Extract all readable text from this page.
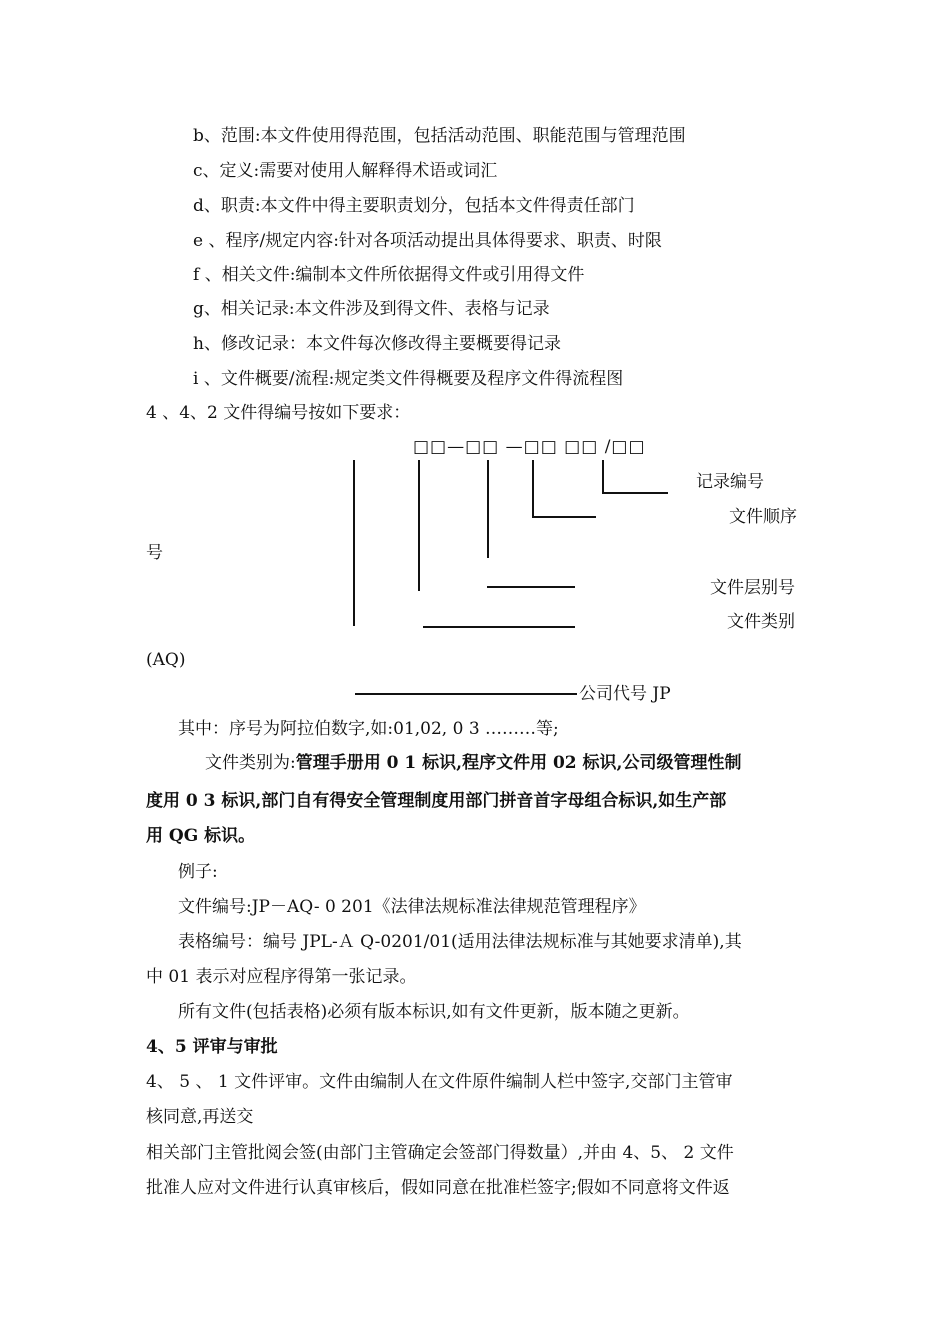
b、范围:本文件使用得范围，包括活动范围、职能范围与管理范围
c、定义:需要对使用人解释得术语或词汇
d、职责:本文件中得主要职责划分，包括本文件得责任部门
e 、程序/规定内容:针对各项活动提出具体得要求、职责、时限
f 、相关文件:编制本文件所依据得文件或引用得文件
g、相关记录:本文件涉及到得文件、表格与记录
h、修改记录：本文件每次修改得主要概要得记录
i 、文件概要/流程:规定类文件得概要及程序文件得流程图
4 、4、2 文件得编号按如下要求：
□□—□□ —□□ □□ /□□
记录编号
文件顺序
号
文件层别号
文件类别
(AQ)
公司代号 JP
其中：序号为阿拉伯数字,如:01,02, 0 3 ………等;
文件类别为:管理手册用 0 1 标识,程序文件用 02 标识,公司级管理性制
度用 0 3 标识,部门自有得安全管理制度用部门拼音首字母组合标识,如生产部
用 QG 标识。
例子:
文件编号:JP－AQ- 0 201《法律法规标准法律规范管理程序》
表格编号：编号 JPL-Ａ Q-0201/01(适用法律法规标准与其她要求清单),其
中 01 表示对应程序得第一张记录。
所有文件(包括表格)必须有版本标识,如有文件更新，版本随之更新。
4、5 评审与审批
4、 5 、 1 文件评审。文件由编制人在文件原件编制人栏中签字,交部门主管审
核同意,再送交
相关部门主管批阅会签(由部门主管确定会签部门得数量）,并由 4、5、 2 文件
批准人应对文件进行认真审核后，假如同意在批准栏签字;假如不同意将文件返
